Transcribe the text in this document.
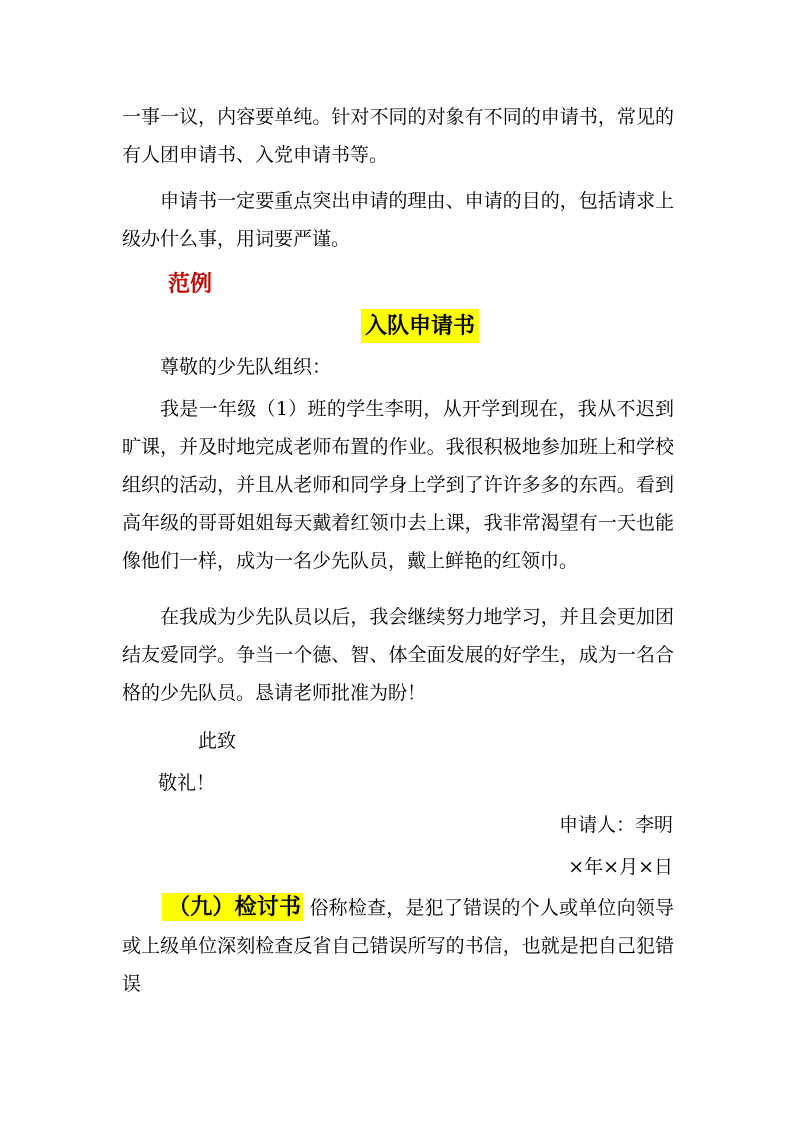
一事一议，内容要单纯。针对不同的对象有不同的申请书，常见的有人团申请书、入党申请书等。

申请书一定要重点突出申请的理由、申请的目的，包括请求上级办什么事，用词要严谨。

范例
入队申请书

尊敬的少先队组织：

我是一年级（1）班的学生李明，从开学到现在，我从不迟到旷课，并及时地完成老师布置的作业。我很积极地参加班上和学校组织的活动，并且从老师和同学身上学到了许许多多的东西。看到高年级的哥哥姐姐每天戴着红领巾去上课，我非常渴望有一天也能像他们一样，成为一名少先队员，戴上鲜艳的红领巾。

在我成为少先队员以后，我会继续努力地学习，并且会更加团结友爱同学。争当一个德、智、体全面发展的好学生，成为一名合格的少先队员。恳请老师批准为盼！

此致

敬礼！

申请人：李明

×年×月×日

（九）检讨书 俗称检查，是犯了错误的个人或单位向领导或上级单位深刻检查反省自己错误所写的书信，也就是把自己犯错误
